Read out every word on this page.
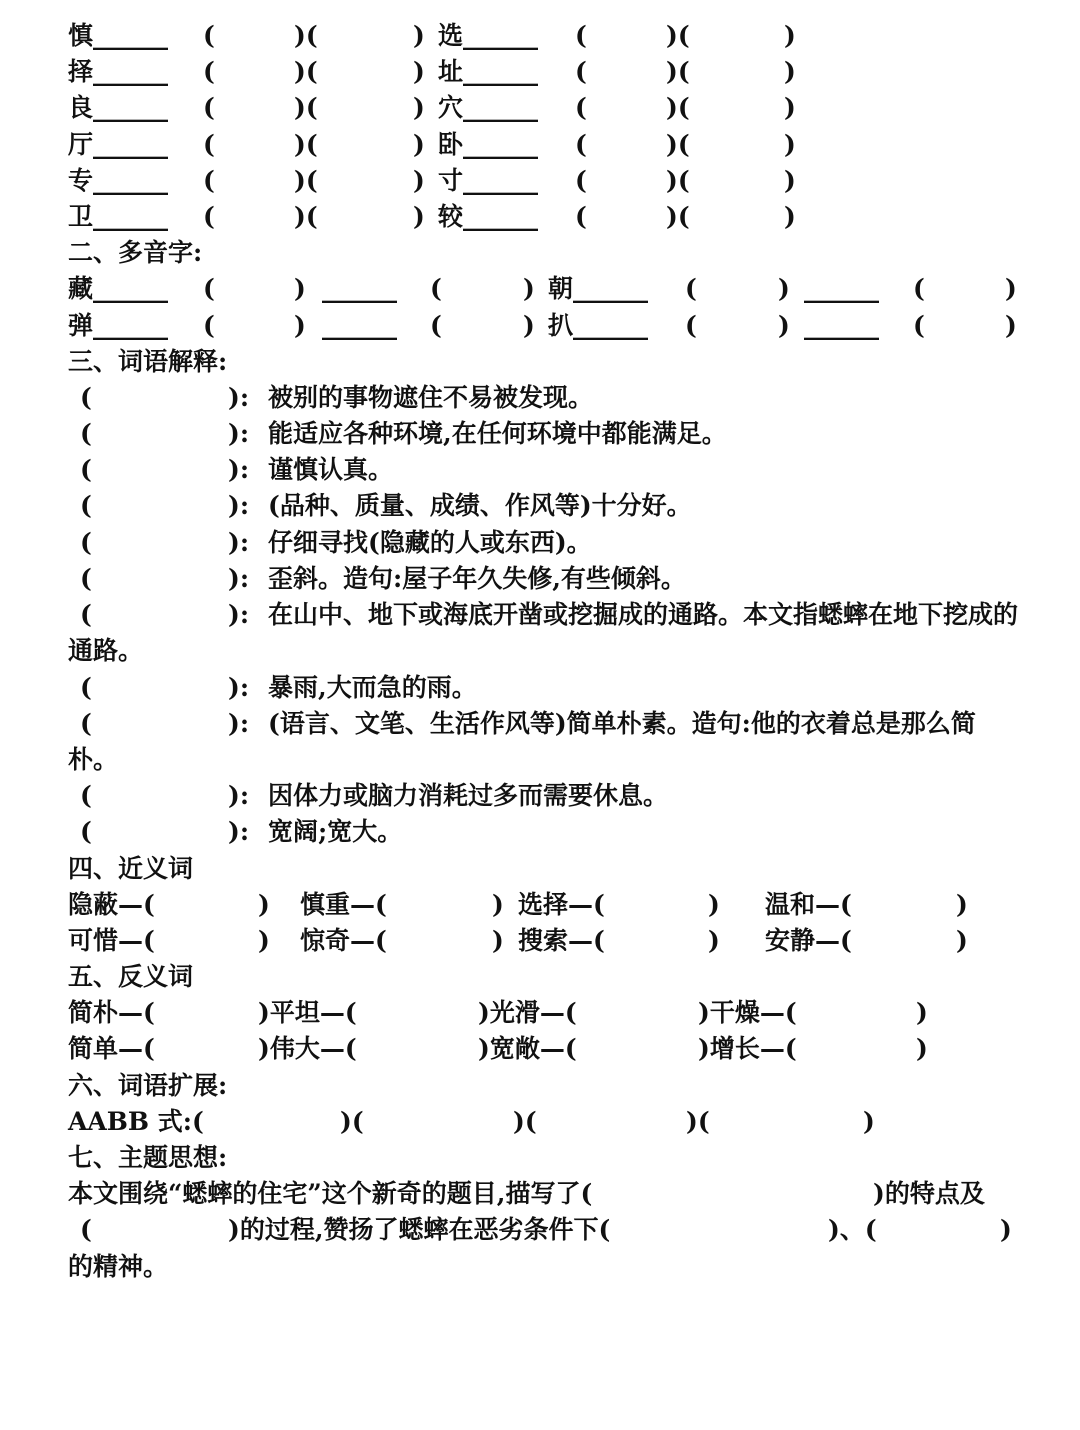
慎______ (	)(	) 选______ (	)(	)
择______ (	)(	) 址______ (	)(	)
良______ (	)(	) 穴______ (	)(	)
厅______ (	)(	) 卧______ (	)(	)
专______ (	)(	) 寸______ (	)(	)
卫______ (	)(	) 较______ (	)(	)
二、多音字:
藏______ (	) ______ (	) 朝______ (	) ______ (	)
弹______ (	) ______ (	) 扒______ (	) ______ (	)
三、词语解释:
(	): 被别的事物遮住不易被发现。
(	): 能适应各种环境,在任何环境中都能满足。
(	): 谨慎认真。
(	): (品种、质量、成绩、作风等)十分好。
(	): 仔细寻找(隐藏的人或东西)。
(	): 歪斜。造句:屋子年久失修,有些倾斜。
(	): 在山中、地下或海底开凿或挖掘成的通路。本文指蟋蟀在地下挖成的通路。
(	): 暴雨,大而急的雨。
(	): (语言、文笔、生活作风等)简单朴素。造句:他的衣着总是那么简朴。
(	): 因体力或脑力消耗过多而需要休息。
(	): 宽阔;宽大。
四、近义词
隐蔽—(	) 慎重—(	) 选择—(	) 温和—(	)
可惜—(	) 惊奇—(	) 搜索—(	) 安静—(	)
五、反义词
简朴—(	)平坦—(	)光滑—(	)干燥—(	)
简单—(	)伟大—(	)宽敞—(	)增长—(	)
六、词语扩展:

AABB 式:(

	)(

	)(

	)(

	)

七、主题思想:

本文围绕“蟋蟀的住宅”这个新奇的题目,描写了(

	)的特点及

(

	)的过程,赞扬了蟋蟀在恶劣条件下(

	)、(

	)

的精神。
